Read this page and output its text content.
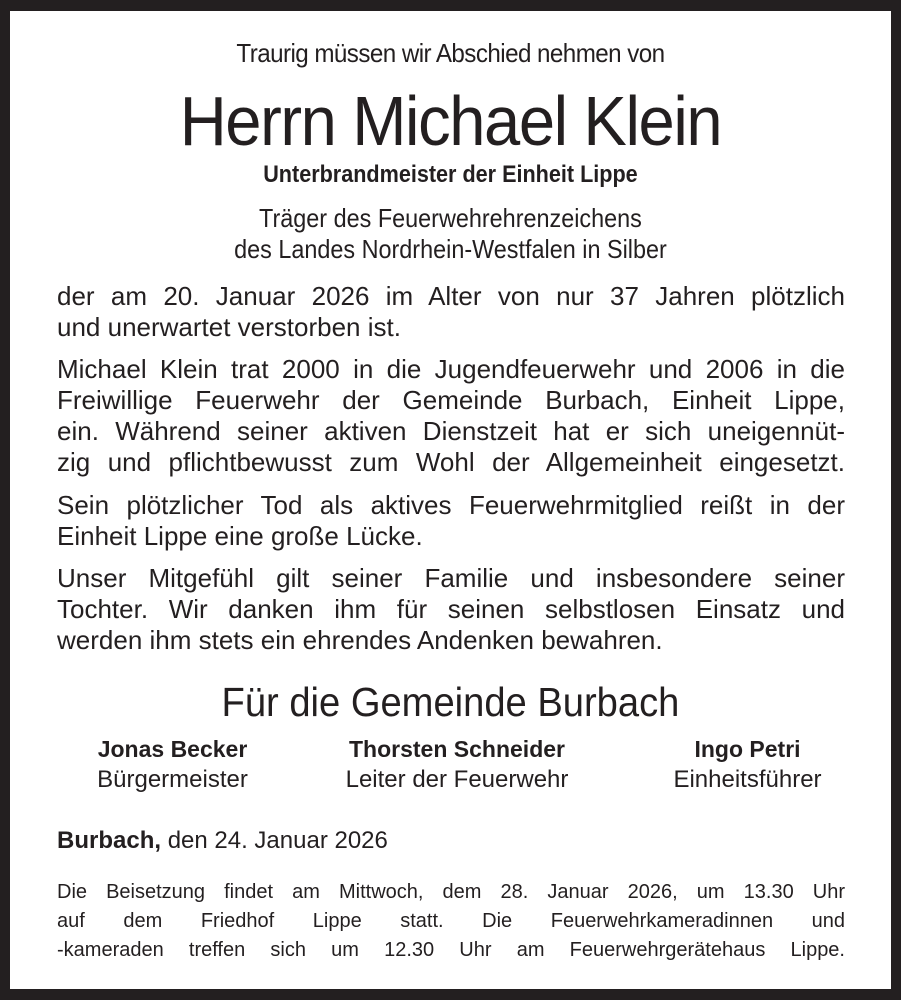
Traurig müssen wir Abschied nehmen von
Herrn Michael Klein
Unterbrandmeister der Einheit Lippe
Träger des Feuerwehrehrenzeichens
des Landes Nordrhein-Westfalen in Silber
der am 20. Januar 2026 im Alter von nur 37 Jahren plötzlich
und unerwartet verstorben ist.
Michael Klein trat 2000 in die Jugendfeuerwehr und 2006 in die
Freiwillige Feuerwehr der Gemeinde Burbach, Einheit Lippe,
ein. Während seiner aktiven Dienstzeit hat er sich uneigennüt-
zig und pflichtbewusst zum Wohl der Allgemeinheit eingesetzt.
Sein plötzlicher Tod als aktives Feuerwehrmitglied reißt in der
Einheit Lippe eine große Lücke.
Unser Mitgefühl gilt seiner Familie und insbesondere seiner
Tochter. Wir danken ihm für seinen selbstlosen Einsatz und
werden ihm stets ein ehrendes Andenken bewahren.
Für die Gemeinde Burbach
Jonas Becker
Bürgermeister
Thorsten Schneider
Leiter der Feuerwehr
Ingo Petri
Einheitsführer
Burbach, den 24. Januar 2026
Die Beisetzung findet am Mittwoch, dem 28. Januar 2026, um 13.30 Uhr
auf dem Friedhof Lippe statt. Die Feuerwehrkameradinnen und
-kameraden treffen sich um 12.30 Uhr am Feuerwehrgerätehaus Lippe.
